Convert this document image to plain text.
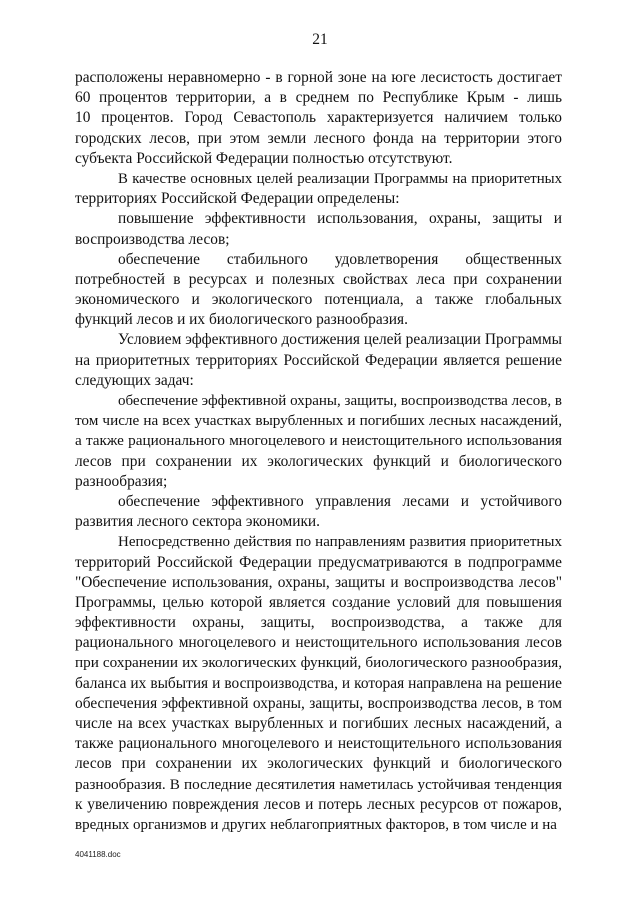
21
расположены неравномерно - в горной зоне на юге лесистость достигает
60 процентов территории, а в среднем по Республике Крым - лишь
10 процентов. Город Севастополь характеризуется наличием только
городских лесов, при этом земли лесного фонда на территории этого
субъекта Российской Федерации полностью отсутствуют.
В качестве основных целей реализации Программы на приоритетных
территориях Российской Федерации определены:
повышение эффективности использования, охраны, защиты и
воспроизводства лесов;
обеспечение стабильного удовлетворения общественных
потребностей в ресурсах и полезных свойствах леса при сохранении
экономического и экологического потенциала, а также глобальных
функций лесов и их биологического разнообразия.
Условием эффективного достижения целей реализации Программы
на приоритетных территориях Российской Федерации является решение
следующих задач:
обеспечение эффективной охраны, защиты, воспроизводства лесов, в
том числе на всех участках вырубленных и погибших лесных насаждений,
а также рационального многоцелевого и неистощительного использования
лесов при сохранении их экологических функций и биологического
разнообразия;
обеспечение эффективного управления лесами и устойчивого
развития лесного сектора экономики.
Непосредственно действия по направлениям развития приоритетных
территорий Российской Федерации предусматриваются в подпрограмме
"Обеспечение использования, охраны, защиты и воспроизводства лесов"
Программы, целью которой является создание условий для повышения
эффективности охраны, защиты, воспроизводства, а также для
рационального многоцелевого и неистощительного использования лесов
при сохранении их экологических функций, биологического разнообразия,
баланса их выбытия и воспроизводства, и которая направлена на решение
обеспечения эффективной охраны, защиты, воспроизводства лесов, в том
числе на всех участках вырубленных и погибших лесных насаждений, а
также рационального многоцелевого и неистощительного использования
лесов при сохранении их экологических функций и биологического
разнообразия. В последние десятилетия наметилась устойчивая тенденция
к увеличению повреждения лесов и потерь лесных ресурсов от пожаров,
вредных организмов и других неблагоприятных факторов, в том числе и на
4041188.doc
